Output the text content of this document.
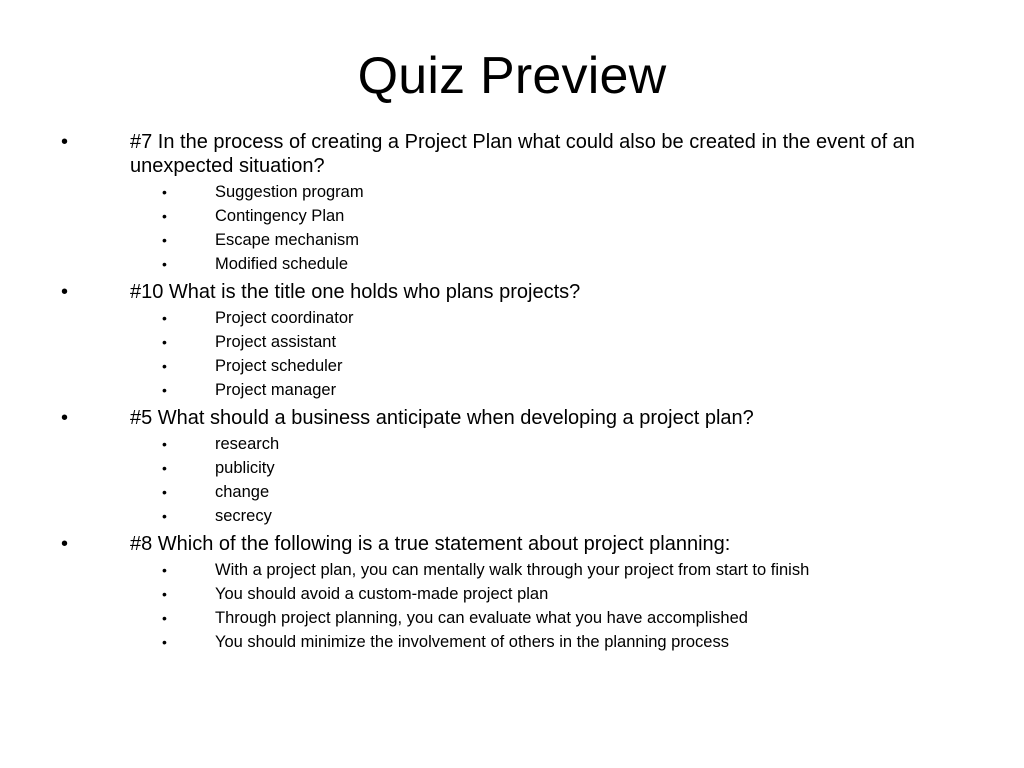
Quiz Preview
•	#7 In the process of creating a Project Plan what could also be created in the event of an unexpected situation?
•	Suggestion program
•	Contingency Plan
•	Escape mechanism
•	Modified schedule
•	#10 What is the title one holds who plans projects?
•	Project coordinator
•	Project assistant
•	Project scheduler
•	Project manager
•	#5 What should a business anticipate when developing a project plan?
•	research
•	publicity
•	change
•	secrecy
•	#8 Which of the following is a true statement about project planning:
•	With a project plan, you can mentally walk through your project from start to finish
•	You should avoid a custom-made project plan
•	Through project planning, you can evaluate what you have accomplished
•	You should minimize the involvement of others in the planning process
